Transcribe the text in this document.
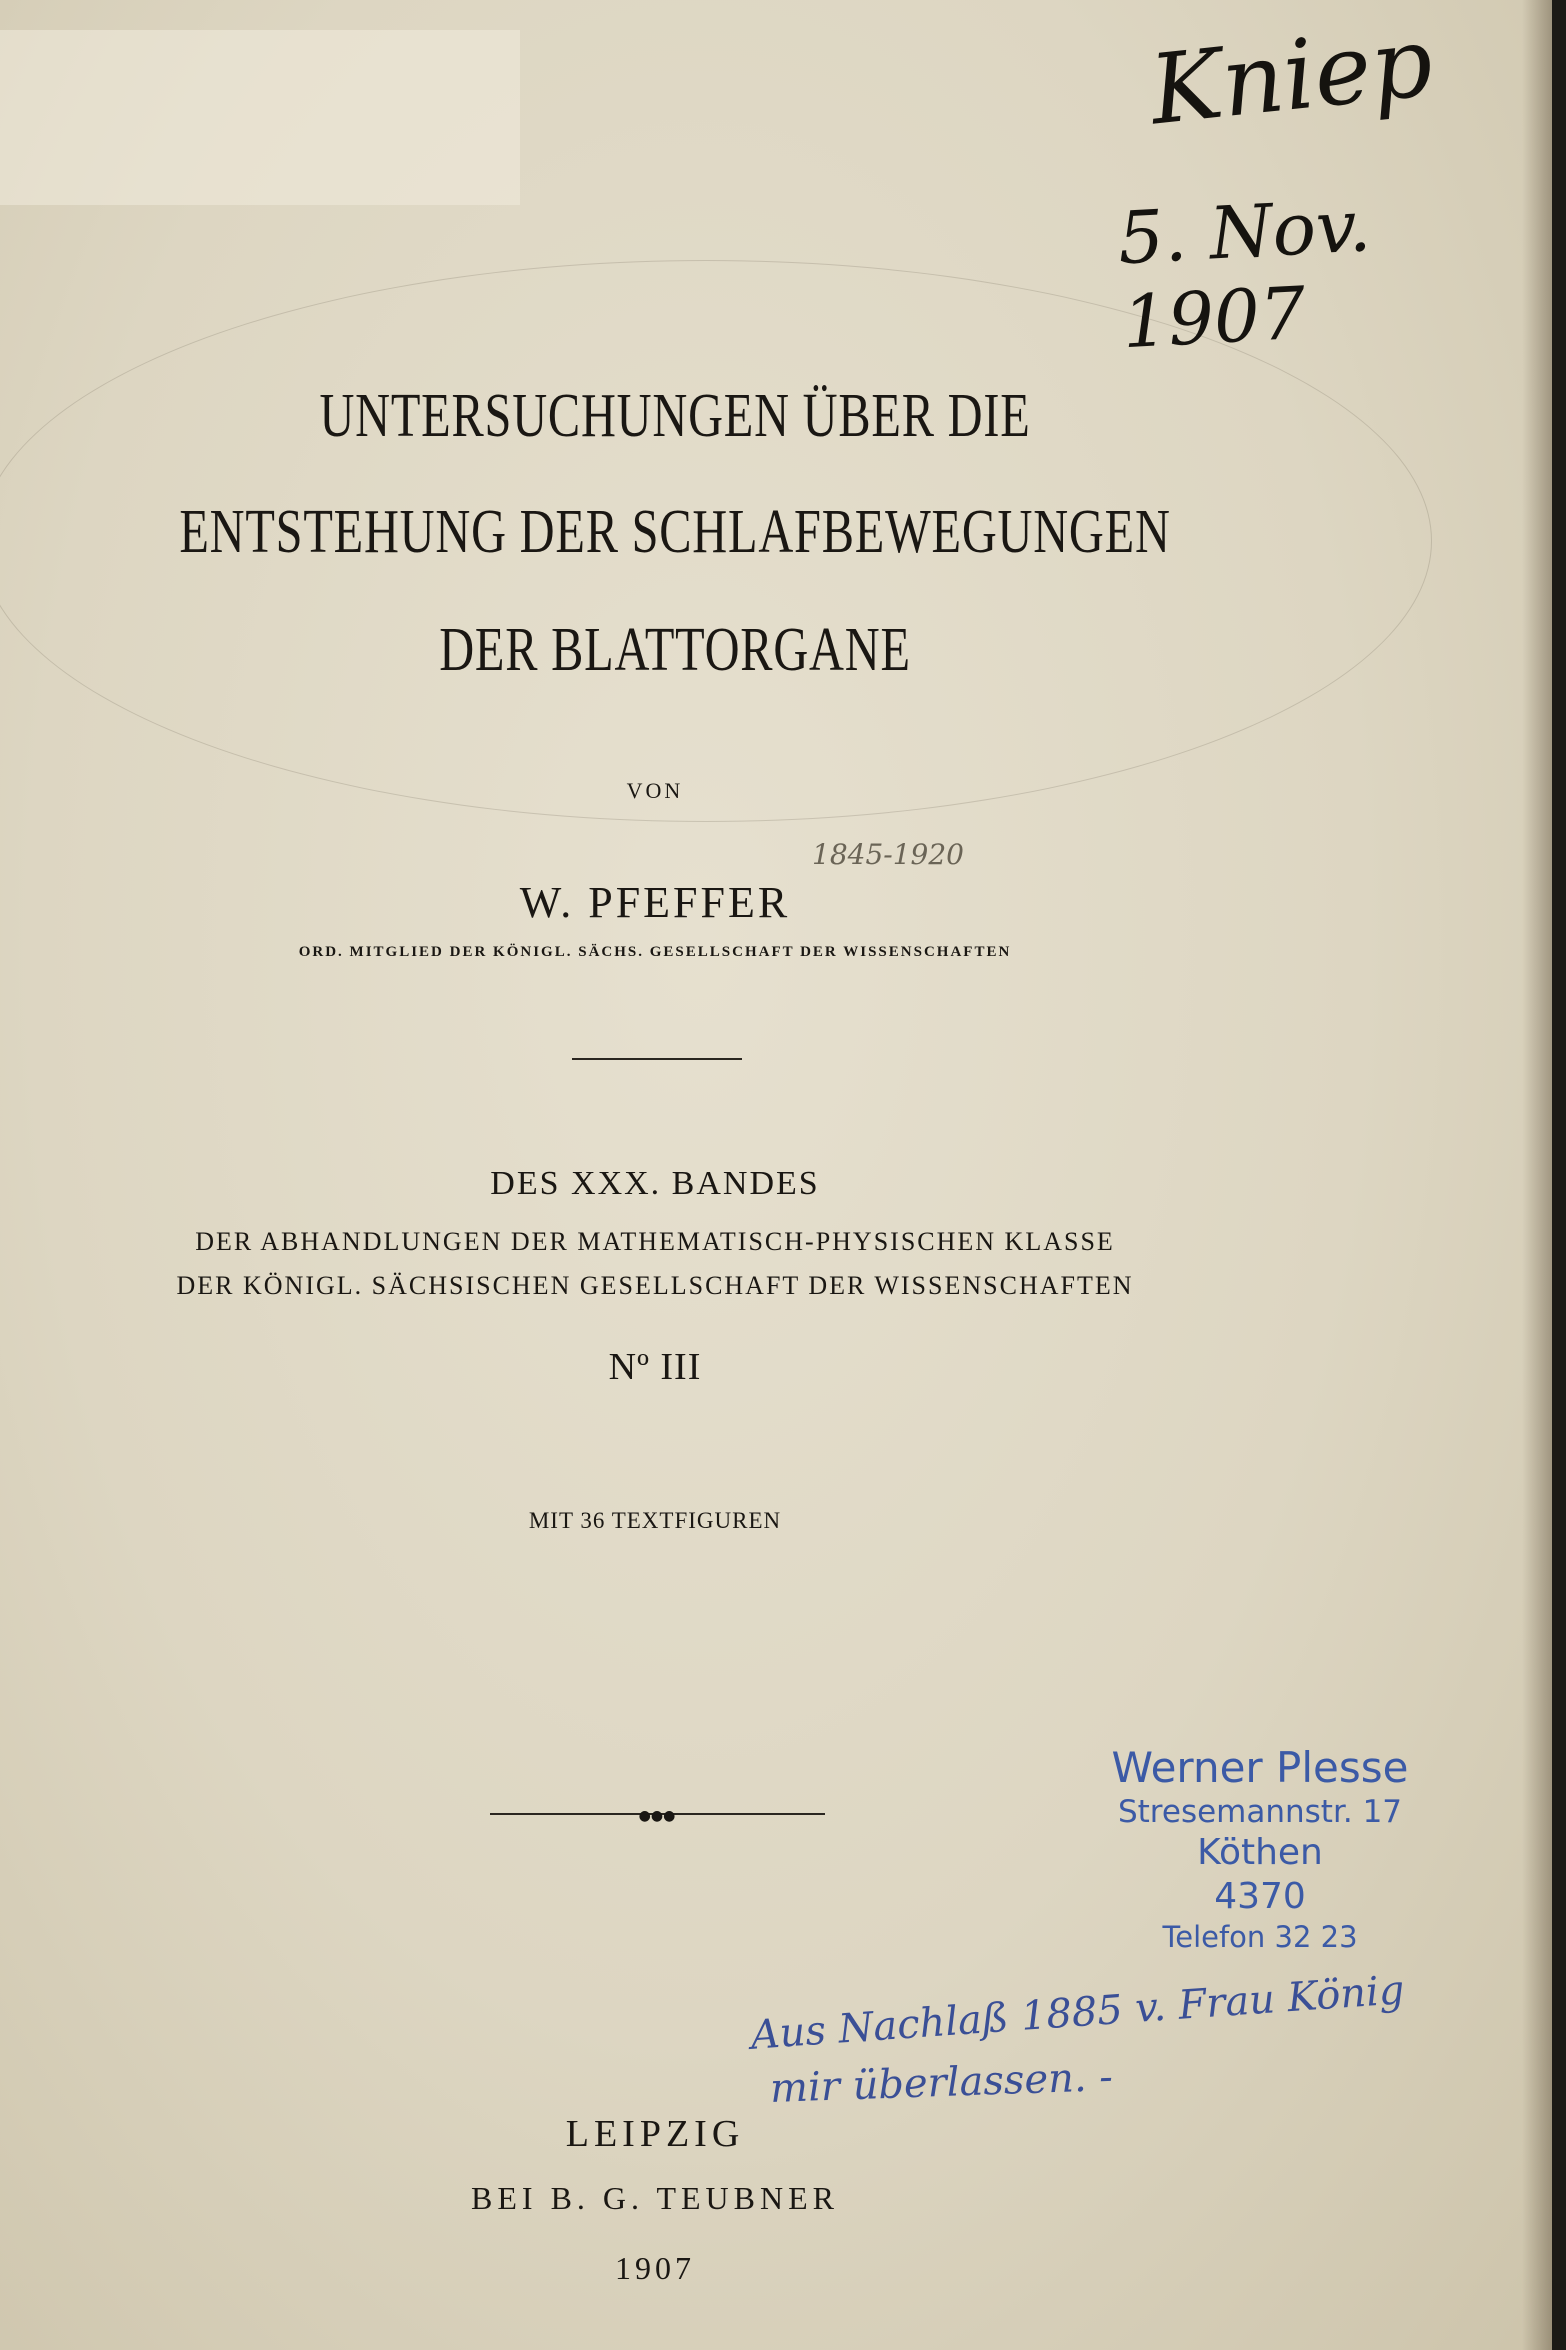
Kniep
5. Nov. 1907
UNTERSUCHUNGEN ÜBER DIE
ENTSTEHUNG DER SCHLAFBEWEGUNGEN
DER BLATTORGANE
VON
1845-1920
W. PFEFFER
ORD. MITGLIED DER KÖNIGL. SÄCHS. GESELLSCHAFT DER WISSENSCHAFTEN
DES XXX. BANDES
DER ABHANDLUNGEN DER MATHEMATISCH-PHYSISCHEN KLASSE
DER KÖNIGL. SÄCHSISCHEN GESELLSCHAFT DER WISSENSCHAFTEN
Nº III
MIT 36 TEXTFIGUREN
●●●
Werner Plesse
Stresemannstr. 17
Köthen
4370
Telefon 32 23
Aus Nachlaß 1885 v. Frau König
mir überlassen. -
LEIPZIG
BEI B. G. TEUBNER
1907
